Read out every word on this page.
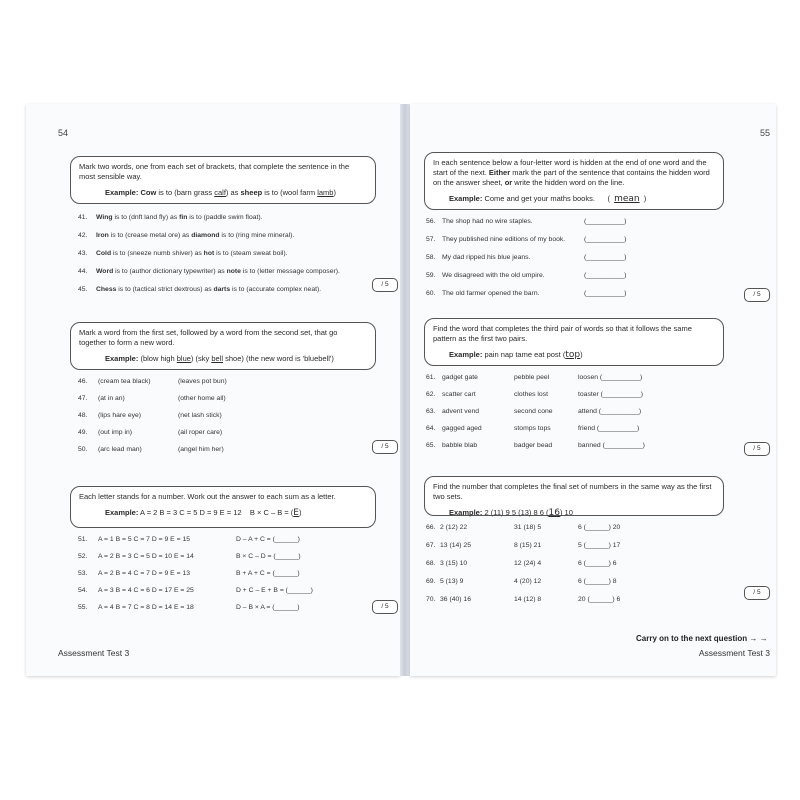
54
Mark two words, one from each set of brackets, that complete the sentence in the most sensible way.
Example: Cow is to (barn grass calf) as sheep is to (wool farm lamb)
41. Wing is to (dnft land fly) as fin is to (paddle swim float).
42. Iron is to (crease metal ore) as diamond is to (ring mine mineral).
43. Cold is to (sneeze numb shiver) as hot is to (steam sweat boil).
44. Word is to (author dictionary typewriter) as note is to (letter message composer).
45. Chess is to (tactical strict dextrous) as darts is to (accurate complex neat).
/ 5
Mark a word from the first set, followed by a word from the second set, that go together to form a new word.
Example: (blow high blue) (sky bell shoe) (the new word is 'bluebell')
46. (cream tea black)	(leaves pot bun)
47. (at in an)	(other home all)
48. (lips hare eye)	(net lash stick)
49. (out imp in)	(ail roper care)
50. (arc lead man)	(angel him her)	/ 5
Each letter stands for a number. Work out the answer to each sum as a letter.
Example: A = 2 B = 3 C = 5 D = 9 E = 12 B × C – B = (E)
51. A = 1 B = 5 C = 7 D = 9 E = 15	D – A + C = (______)
52. A = 2 B = 3 C = 5 D = 10 E = 14	B × C – D = (______)
53. A = 2 B = 4 C = 7 D = 9 E = 13	B + A + C = (______)
54. A = 3 B = 4 C = 6 D = 17 E = 25	D + C – E + B = (______)
55. A = 4 B = 7 C = 8 D = 14 E = 18	D – B × A = (______)	/ 5
Assessment Test 3
55
In each sentence below a four-letter word is hidden at the end of one word and the start of the next. Either mark the part of the sentence that contains the hidden word on the answer sheet, or write the hidden word on the line.
Example: Come and get your maths books.      (  mean  )
56. The shop had no wire staples.	(__________)
57. They published nine editions of my book.	(__________)
58. My dad ripped his blue jeans.	(__________)
59. We disagreed with the old umpire.	(__________)
60. The old farmer opened the barn.	(__________)	/ 5
Find the word that completes the third pair of words so that it follows the same pattern as the first two pairs.
Example: pain nap tame eat post (top)
61. gadget gate	pebble peel	loosen (__________)
62. scatter cart	clothes lost	toaster (__________)
63. advent vend	second cone	attend (__________)
64. gagged aged	stomps tops	friend (__________)
65. babble blab	badger bead	banned (__________)	/ 5
Find the number that completes the final set of numbers in the same way as the first two sets.
Example: 2 (11) 9 5 (13) 8 6 (16) 10
66. 2 (12) 22	31 (18) 5	6 (______) 20
67. 13 (14) 25	8 (15) 21	5 (______) 17
68. 3 (15) 10	12 (24) 4	6 (______) 6
69. 5 (13) 9	4 (20) 12	6 (______) 8
70. 36 (40) 16	14 (12) 8	20 (______) 6
/ 5
Carry on to the next question → →
Assessment Test 3
